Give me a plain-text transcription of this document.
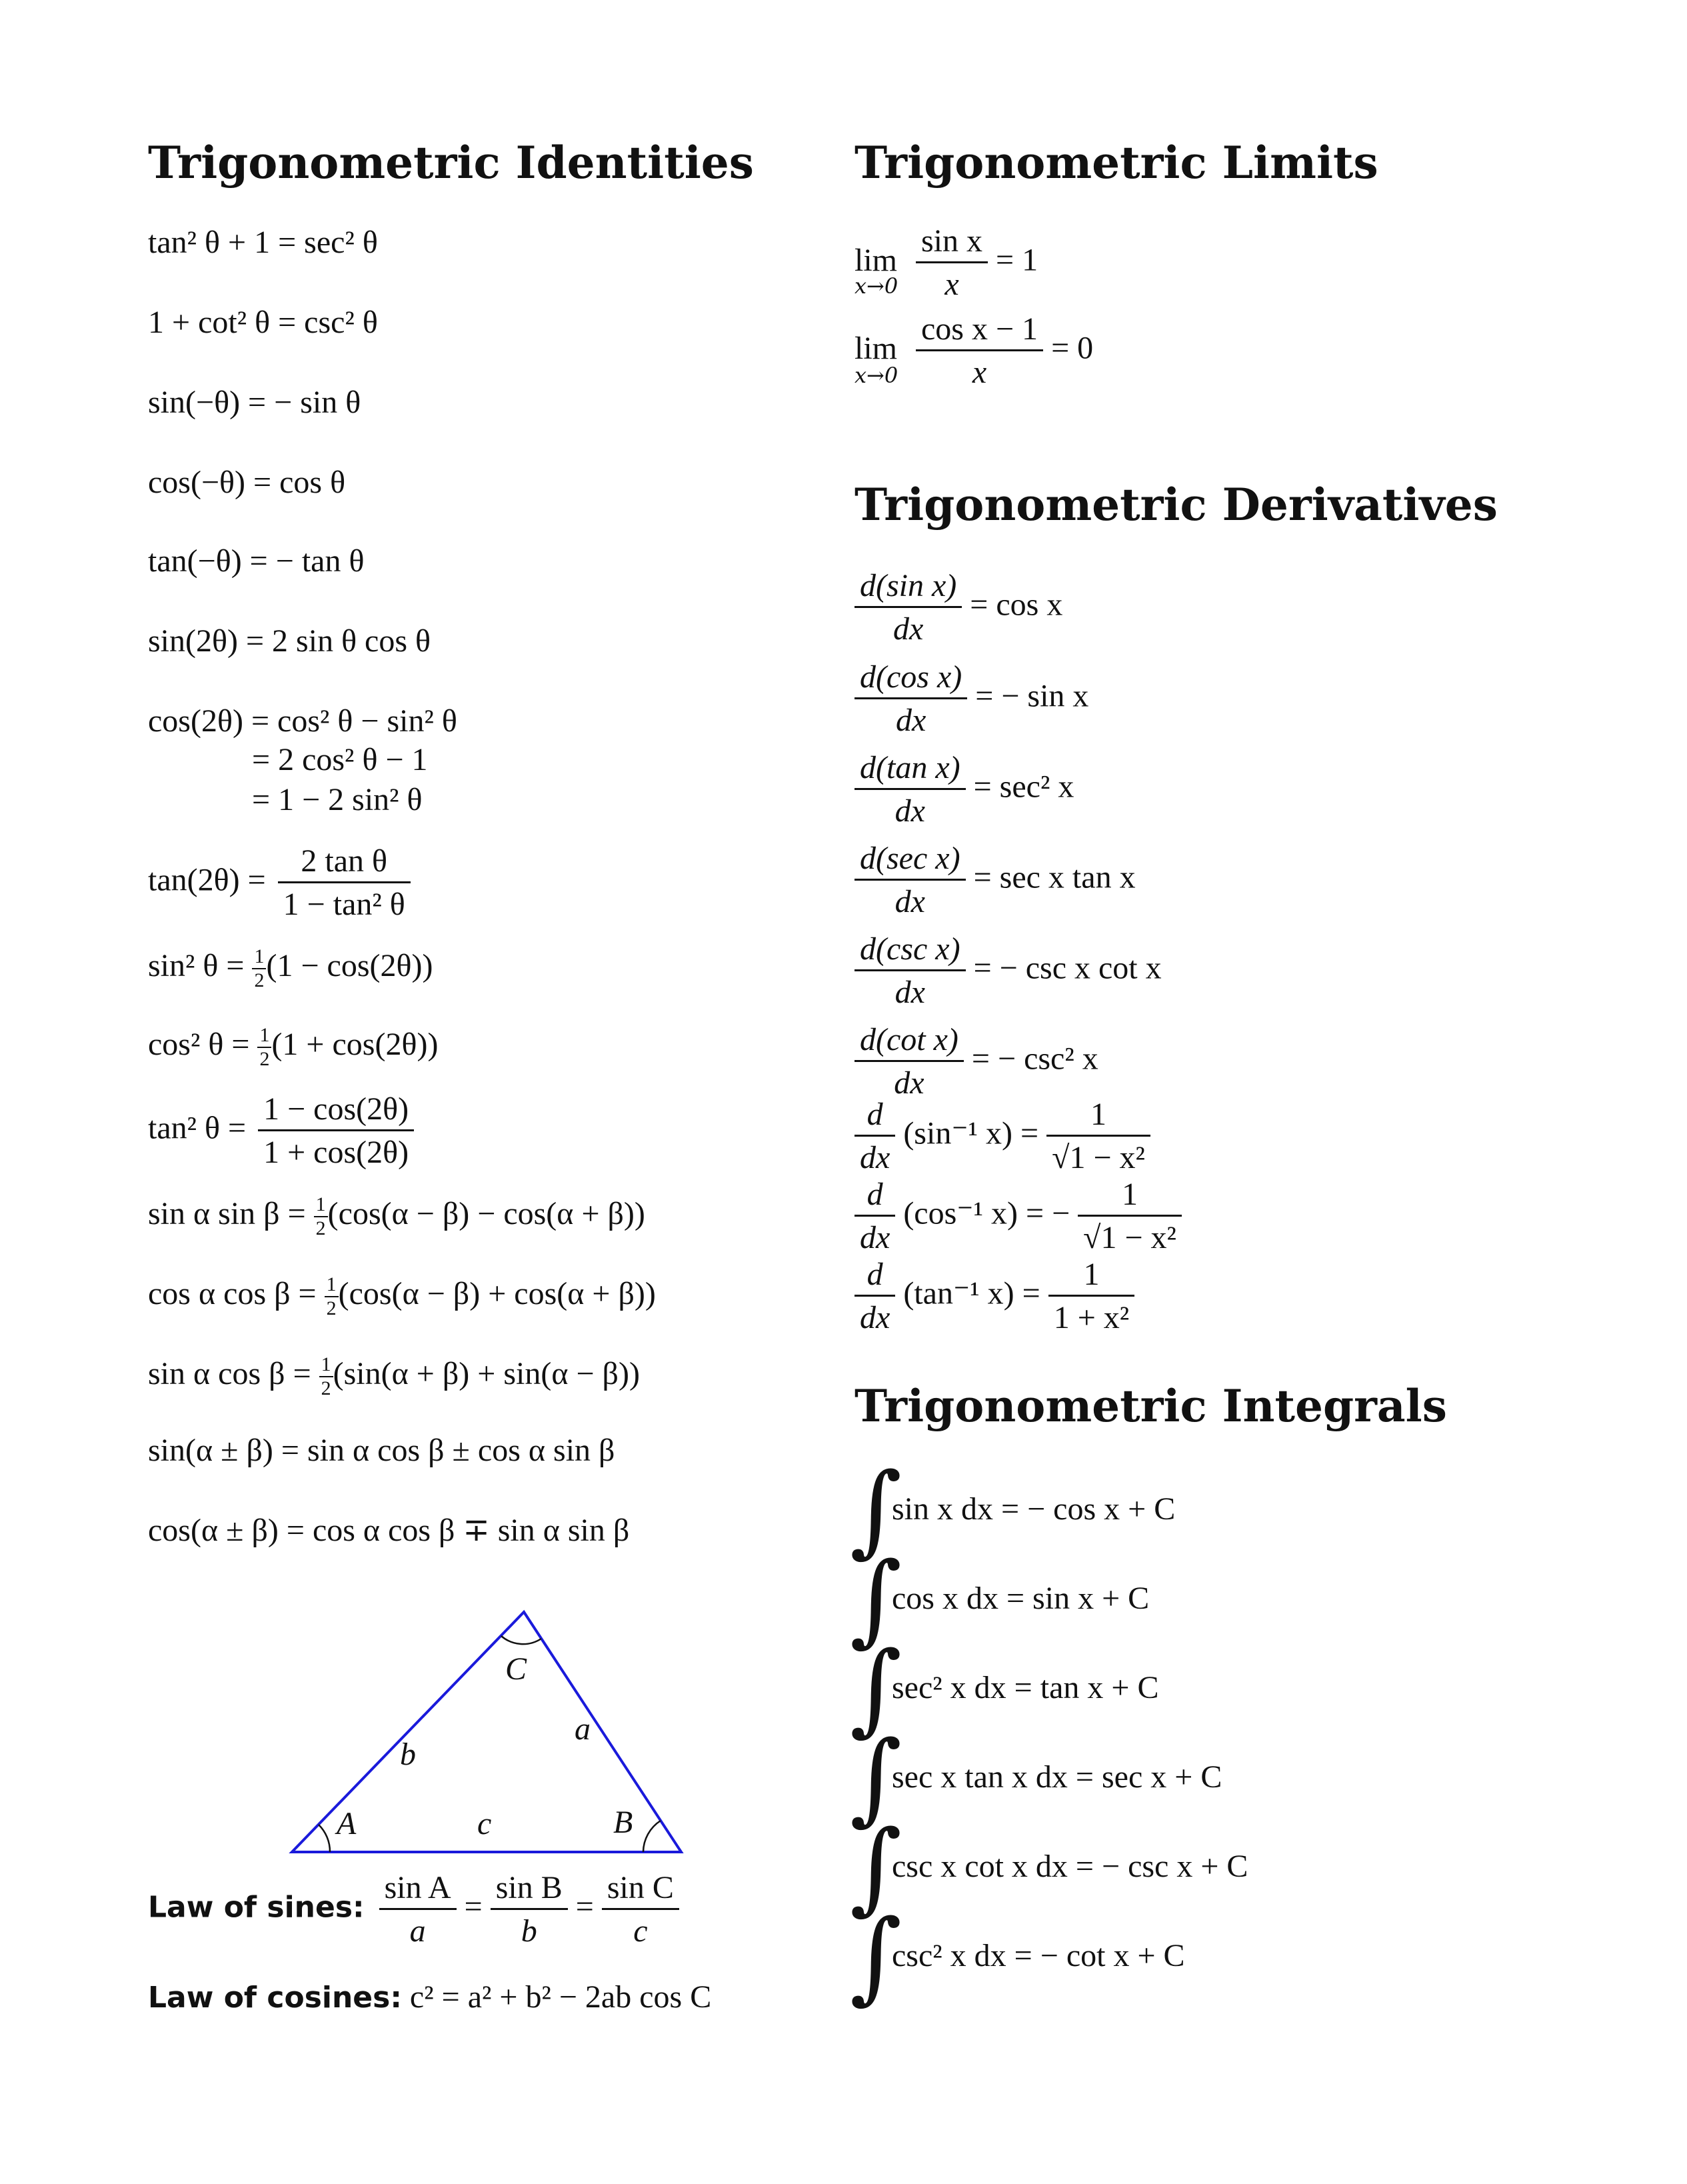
Trigonometric Identities
tan² θ + 1 = sec² θ
1 + cot² θ = csc² θ
sin(−θ) = − sin θ
cos(−θ) = cos θ
tan(−θ) = − tan θ
sin(2θ) = 2 sin θ cos θ
cos(2θ) = cos² θ − sin² θ
= 2 cos² θ − 1
= 1 − 2 sin² θ
$\tan(2\theta) = \frac{\text{2 tan θ}}{\text{1 − tan² θ}}$
sin² $\theta = \frac{1}{2} (1 - \cos(2\theta))$
cos² $\theta = \frac{1}{2} (1 + \cos(2\theta))$
tan² $\theta = \frac{1 - \cos(2\theta)}{1 + \cos(2\theta)}$
sin α $\sin \beta = \frac{1}{2} (\cos(\alpha - \beta) - \cos(\alpha + \beta))$
cos α $\cos \beta = \frac{1}{2} (\cos(\alpha - \beta) + \cos(\alpha + \beta))$
sin α $\cos \beta = \frac{1}{2} (\sin(\alpha + \beta) + \sin(\alpha - \beta))$
sin(α ± β) = sin α cos β ± cos α sin β
cos(α ± β) = cos α cos β ∓ sin α sin β
A	B
C
a
b
c
Law of sines: $\frac{\text{sin A}}{a} = \frac{\text{sin B}}{b} = \frac{\text{sin C}}{c}$
Law of cosines: c² = a² + b² − 2ab cos C
Trigonometric Limits
$\lim \frac{\text{sin x}}{x} = 1$
x→0
$\lim \frac{\text{cos x − 1}}{x} = 0$
x→0
Trigonometric Derivatives
$\frac{\text{d(sin x)}}{dx} = \cos x$
$\frac{\text{d(cos x)}}{dx}$ = − sin x
$\frac{\text{d(tan x)}}{dx} = \sec^2$ x
$\frac{\text{d(sec x)}}{dx} = \sec x$ tan x
$\frac{\text{d(csc x)}}{dx}$ = − csc x cot x
$\frac{\text{d(cot x)}}{dx}$ = − csc² x
$\frac{d}{dx} (\sin^{-1}$ $x) = \frac{1}{\text{√1 − x²}}$
$\frac{d}{dx} (\cos^{-1}$ x) = − $\frac{1}{\text{√1 − x²}}$
$\frac{d}{dx} (\tan^{-1}$ $x) = \frac{1}{\text{1 + x²}}$
Trigonometric Integrals
∫
sin x dx = − cos x + C
∫
cos x dx = sin x + C
∫
sec² x dx = tan x + C
∫
sec x tan x dx = sec x + C
∫
csc x cot x dx = − csc x + C
∫
csc² x dx = − cot x + C
